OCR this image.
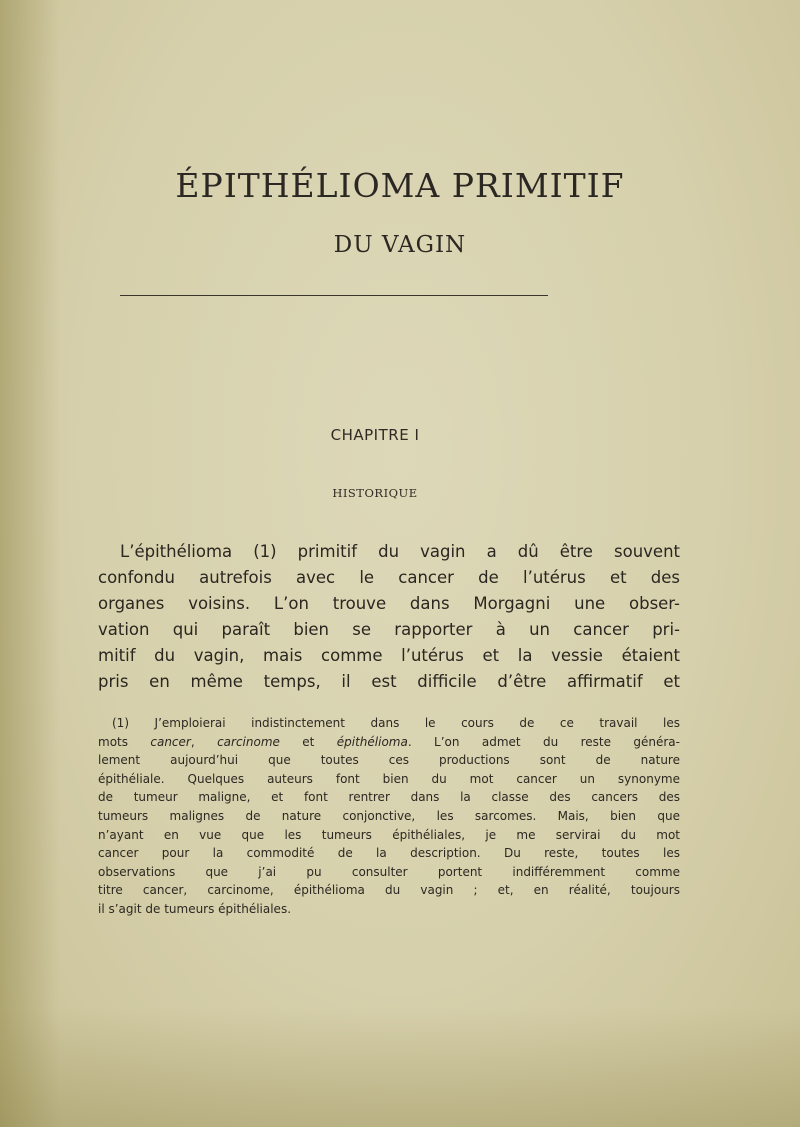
ÉPITHÉLIOMA PRIMITIF
DU VAGIN
CHAPITRE I
HISTORIQUE
L’épithélioma (1) primitif du vagin a dû être souvent
confondu autrefois avec le cancer de l’utérus et des
organes voisins. L’on trouve dans Morgagni une obser-
vation qui paraît bien se rapporter à un cancer pri-
mitif du vagin, mais comme l’utérus et la vessie étaient
pris en même temps, il est difficile d’être affirmatif et
(1) J’emploierai indistinctement dans le cours de ce travail les
mots cancer, carcinome et épithélioma. L’on admet du reste généra-
lement aujourd’hui que toutes ces productions sont de nature
épithéliale. Quelques auteurs font bien du mot cancer un synonyme
de tumeur maligne, et font rentrer dans la classe des cancers des
tumeurs malignes de nature conjonctive, les sarcomes. Mais, bien que
n’ayant en vue que les tumeurs épithéliales, je me servirai du mot
cancer pour la commodité de la description. Du reste, toutes les
observations que j’ai pu consulter portent indifféremment comme
titre cancer, carcinome, épithélioma du vagin ; et, en réalité, toujours
il s’agit de tumeurs épithéliales.
